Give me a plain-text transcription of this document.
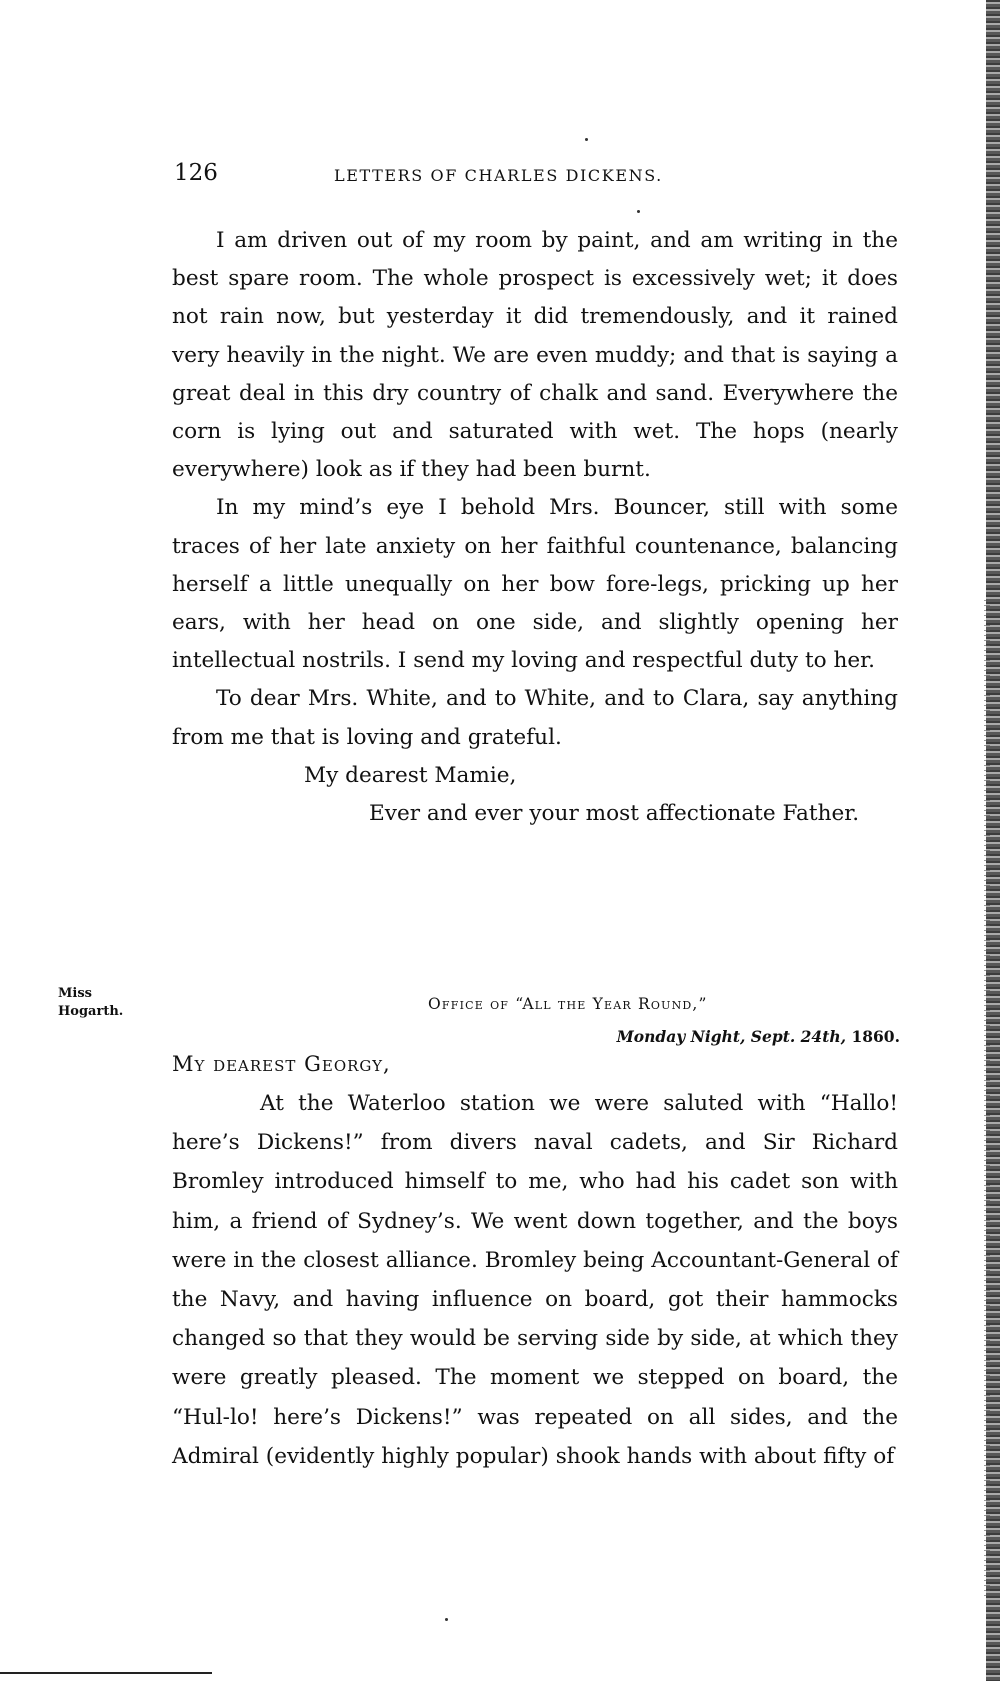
126	LETTERS OF CHARLES DICKENS.

I am driven out of my room by paint, and am writing in the best spare room. The whole prospect is excessively wet; it does not rain now, but yesterday it did tremendously, and it rained very heavily in the night. We are even muddy; and that is saying a great deal in this dry country of chalk and sand. Everywhere the corn is lying out and saturated with wet. The hops (nearly everywhere) look as if they had been burnt.

In my mind’s eye I behold Mrs. Bouncer, still with some traces of her late anxiety on her faithful countenance, balancing herself a little unequally on her bow fore-legs, pricking up her ears, with her head on one side, and slightly opening her intellectual nostrils. I send my loving and respectful duty to her.

To dear Mrs. White, and to White, and to Clara, say anything from me that is loving and grateful.

My dearest Mamie,

Ever and ever your most affectionate Father.

Miss
Hogarth.	Office of “All the Year Round,”
Monday Night, Sept. 24th, 1860.
My dearest Georgy,

At the Waterloo station we were saluted with “Hallo! here’s Dickens!” from divers naval cadets, and Sir Richard Bromley introduced himself to me, who had his cadet son with him, a friend of Sydney’s. We went down together, and the boys were in the closest alliance. Bromley being Accountant-General of the Navy, and having influence on board, got their hammocks changed so that they would be serving side by side, at which they were greatly pleased. The moment we stepped on board, the “Hul-lo! here’s Dickens!” was repeated on all sides, and the Admiral (evidently highly popular) shook hands with about fifty of
